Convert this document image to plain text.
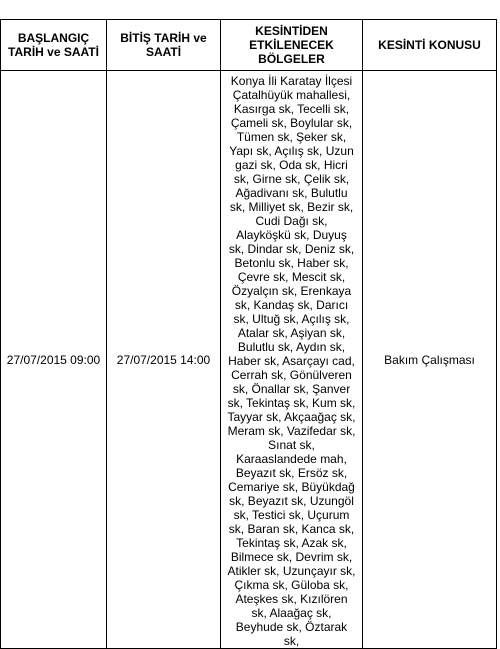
BAŞLANGIÇ TARİH ve SAATİ	BİTİŞ TARİH ve SAATİ	KESİNTİDEN ETKİLENECEK BÖLGELER	KESİNTİ KONUSU

27/07/2015 09:00	27/07/2015 14:00	Konya İli Karatay İlçesi Çatalhüyük mahallesi, Kasırga sk, Tecelli sk, Çameli sk, Boylular sk, Tümen sk, Şeker sk, Yapı sk, Açılış sk, Uzun gazi sk, Oda sk, Hicri sk, Girne sk, Çelik sk, Ağadivanı sk, Bulutlu sk, Milliyet sk, Bezir sk, Cudi Dağı sk, Alayköşkü sk, Duyuş sk, Dindar sk, Deniz sk, Betonlu sk, Haber sk, Çevre sk, Mescit sk, Özyalçın sk, Erenkaya sk, Kandaş sk, Darıcı sk, Ultuğ sk, Açılış sk, Atalar sk, Aşiyan sk, Bulutlu sk, Aydın sk, Haber sk, Asarçayı cad, Cerrah sk, Gönülveren sk, Önallar sk, Şanver sk, Tekintaş sk, Kum sk, Tayyar sk, Akçaağaç sk, Meram sk, Vazifedar sk, Sınat sk, Karaaslandede mah, Beyazıt sk, Ersöz sk, Cemariye sk, Büyükdağ sk, Beyazıt sk, Uzungöl sk, Testici sk, Uçurum sk, Baran sk, Kanca sk, Tekintaş sk, Azak sk, Bilmece sk, Devrim sk, Atikler sk, Uzunçayır sk, Çıkma sk, Güloba sk, Ateşkes sk, Kızılören sk, Alaağaç sk, Beyhude sk, Öztarak sk,	Bakım Çalışması
